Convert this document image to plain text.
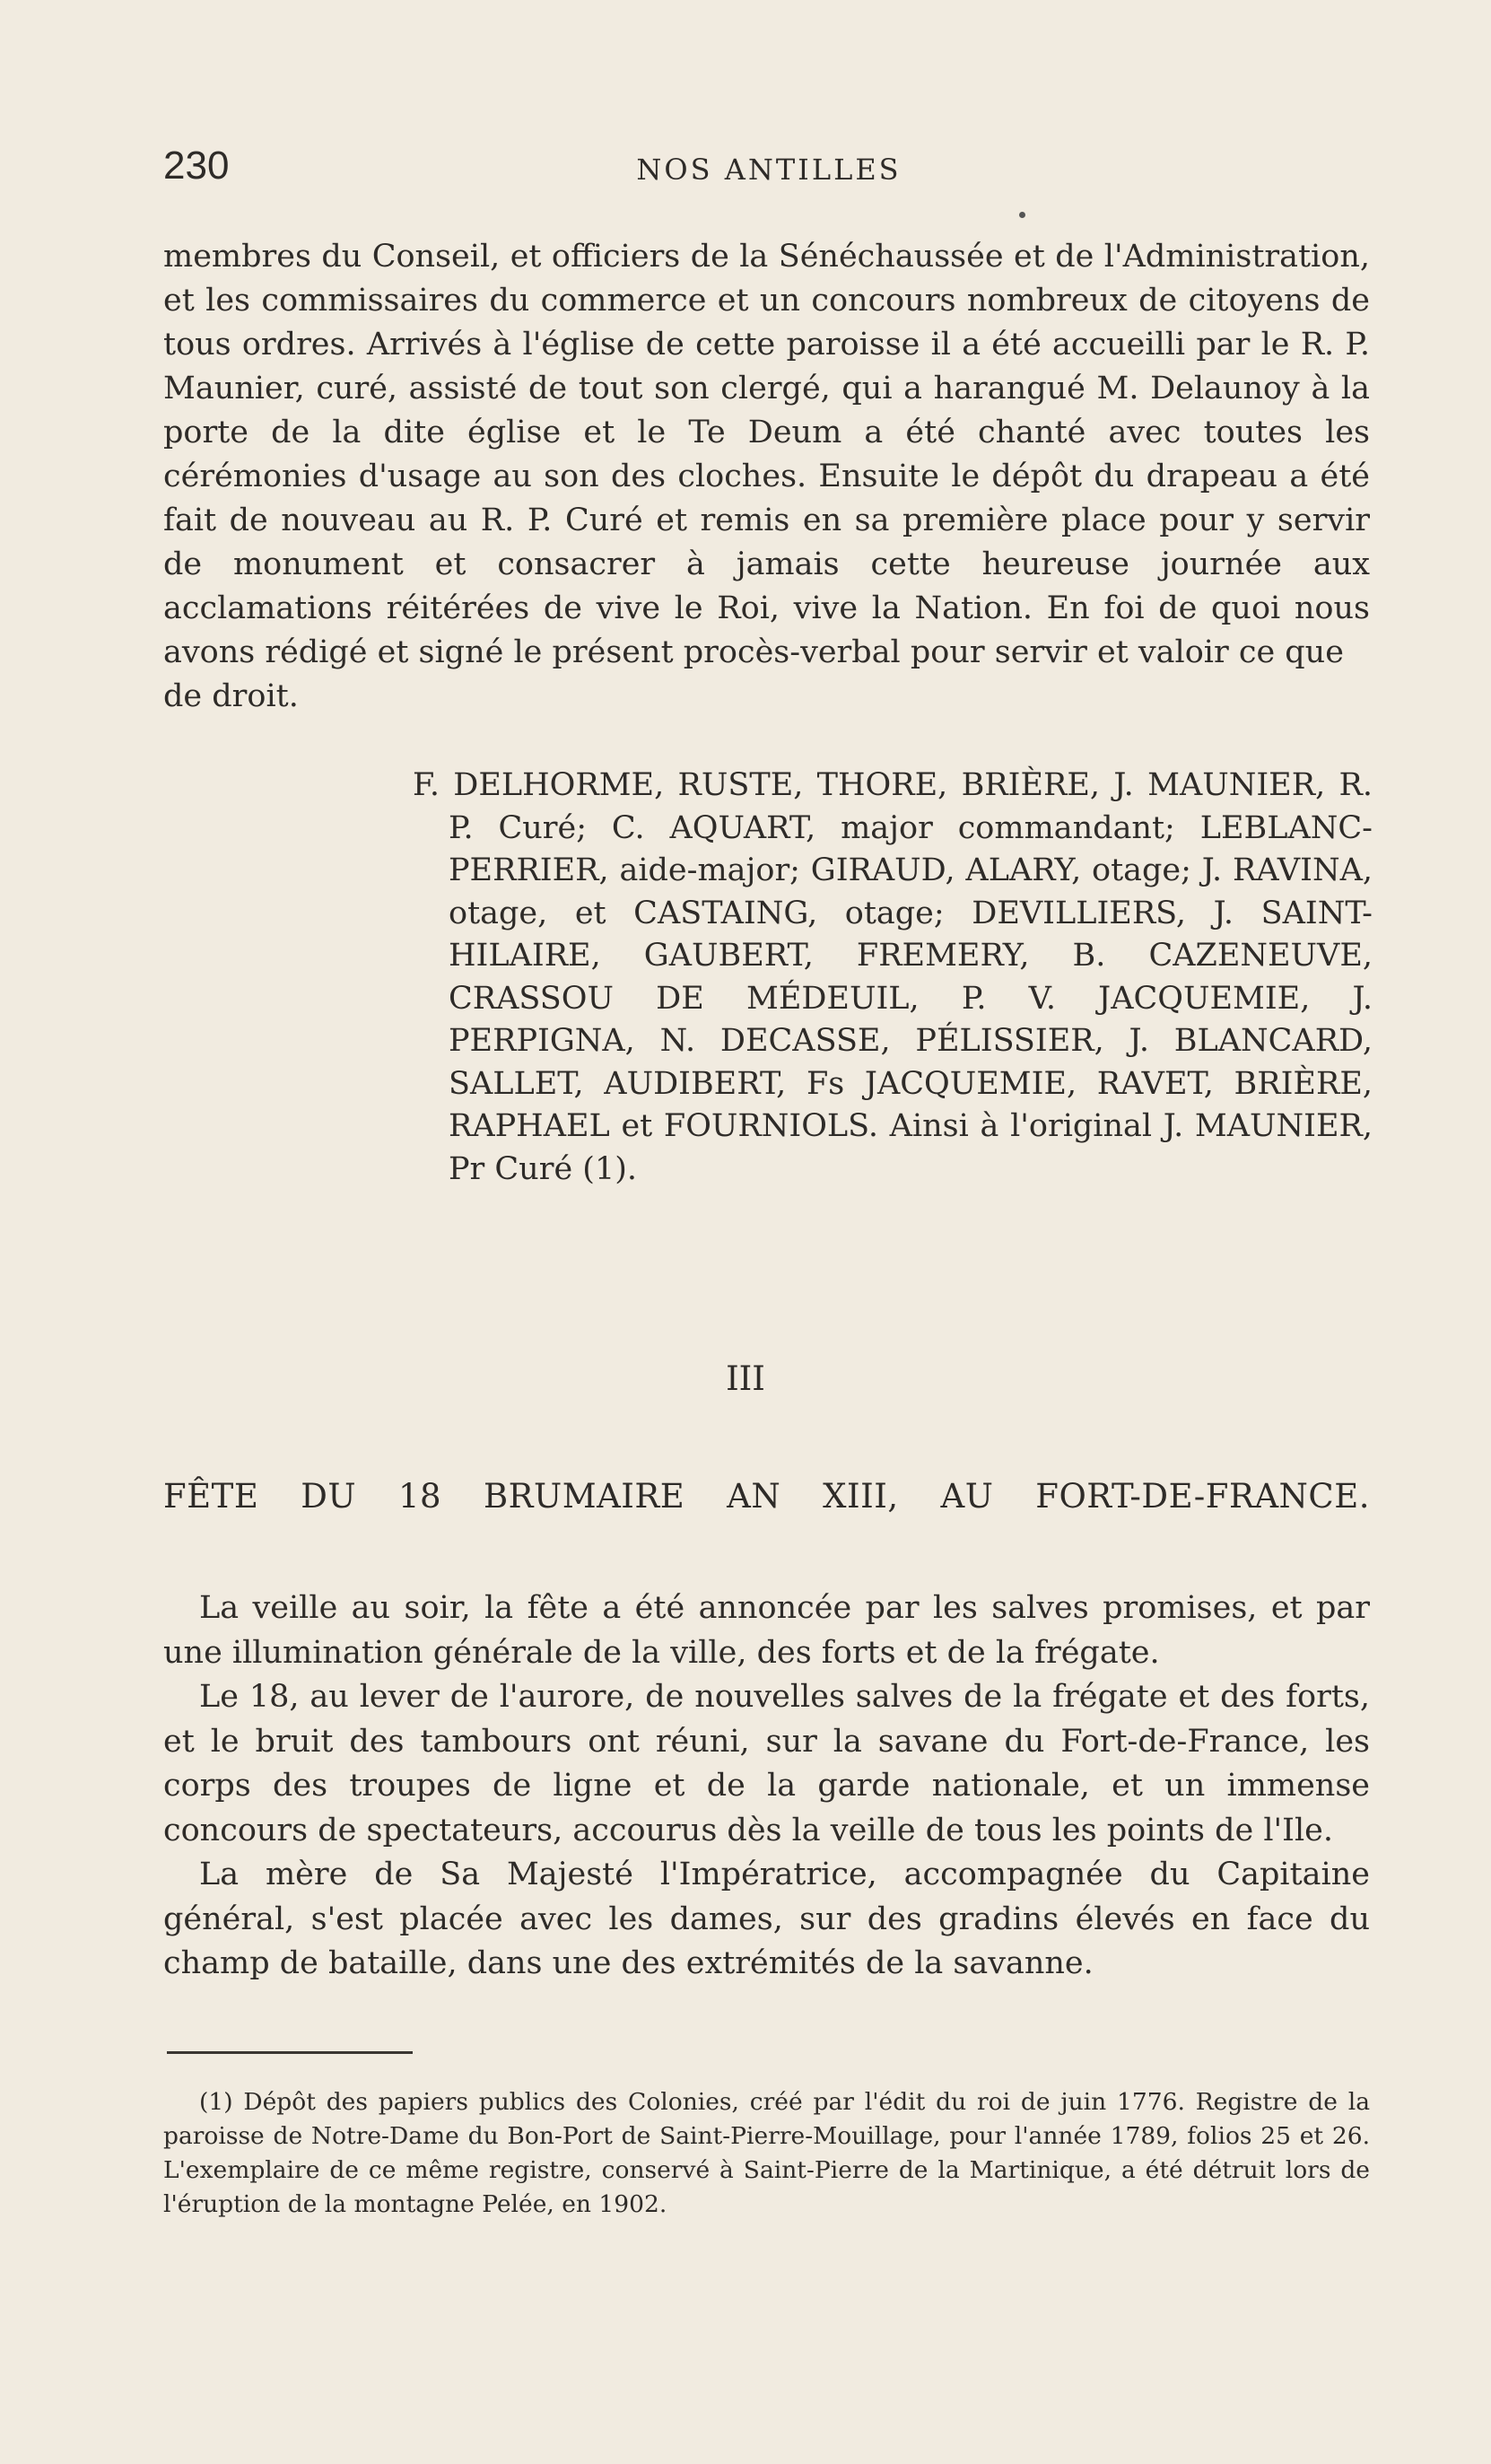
230	NOS ANTILLES

membres du Conseil, et officiers de la Sénéchaussée et de l'Administration, et les commissaires du commerce et un concours nombreux de citoyens de tous ordres. Arrivés à l'église de cette paroisse il a été accueilli par le R. P. Maunier, curé, assisté de tout son clergé, qui a harangué M. Delaunoy à la porte de la dite église et le Te Deum a été chanté avec toutes les cérémonies d'usage au son des cloches. Ensuite le dépôt du drapeau a été fait de nouveau au R. P. Curé et remis en sa première place pour y servir de monument et consacrer à jamais cette heureuse journée aux acclamations réitérées de vive le Roi, vive la Nation. En foi de quoi nous avons rédigé et signé le présent procès-verbal pour servir et valoir ce que

de droit.

F. DELHORME, RUSTE, THORE, BRIÈRE, J. MAUNIER, R. P. Curé; C. AQUART, major commandant; LEBLANC-PERRIER, aide-major; GIRAUD, ALARY, otage; J. RAVINA, otage, et CASTAING, otage; DEVILLIERS, J. SAINT-HILAIRE, GAUBERT, FREMERY, B. CAZENEUVE, CRASSOU DE MÉDEUIL, P. V. JACQUEMIE, J. PERPIGNA, N. DECASSE, PÉLISSIER, J. BLANCARD, SALLET, AUDIBERT, Fs JACQUEMIE, RAVET, BRIÈRE, RAPHAEL et FOURNIOLS. Ainsi à l'original J. MAUNIER, Pr Curé (1).

III
FÊTE DU 18 BRUMAIRE AN XIII, AU FORT-DE-FRANCE.

La veille au soir, la fête a été annoncée par les salves promises, et par une illumination générale de la ville, des forts et de la frégate.

Le 18, au lever de l'aurore, de nouvelles salves de la frégate et des forts, et le bruit des tambours ont réuni, sur la savane du Fort-de-France, les corps des troupes de ligne et de la garde nationale, et un immense concours de spectateurs, accourus dès la veille de tous les points de l'Ile.

La mère de Sa Majesté l'Impératrice, accompagnée du Capitaine général, s'est placée avec les dames, sur des gradins élevés en face du champ de bataille, dans une des extrémités de la savanne.

(1) Dépôt des papiers publics des Colonies, créé par l'édit du roi de juin 1776. Registre de la paroisse de Notre-Dame du Bon-Port de Saint-Pierre-Mouillage, pour l'année 1789, folios 25 et 26. L'exemplaire de ce même registre, conservé à Saint-Pierre de la Martinique, a été détruit lors de l'éruption de la montagne Pelée, en 1902.
